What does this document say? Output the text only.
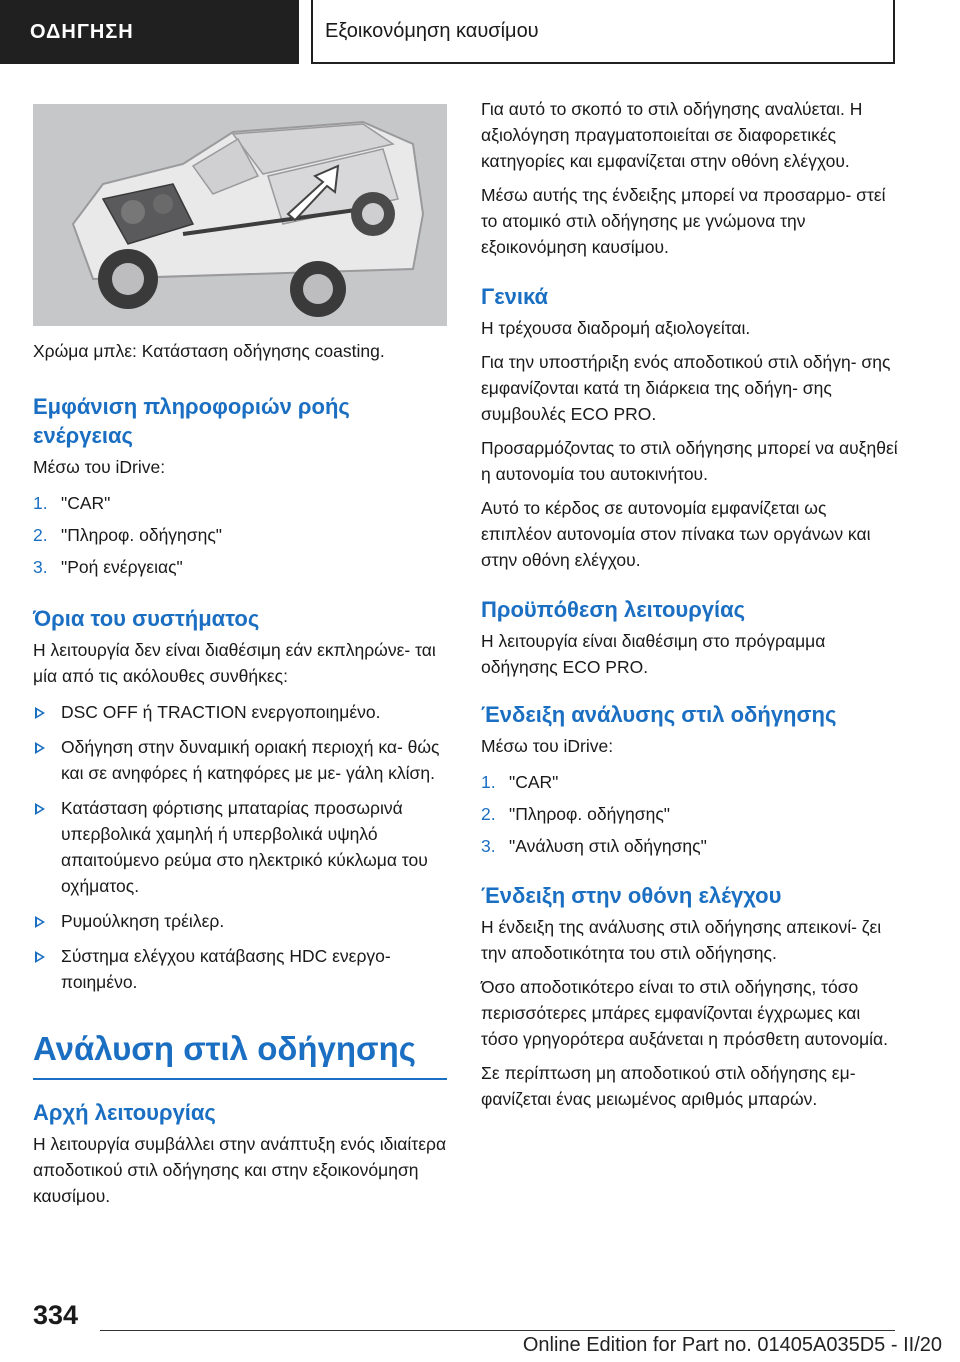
ΟΔΗΓΗΣΗ	Εξοικονόμηση καυσίμου

Χρώμα μπλε: Κατάσταση οδήγησης coasting.

Εμφάνιση πληροφοριών ροής ενέργειας

Μέσω του iDrive:

1. "CAR"
2. "Πληροφ. οδήγησης"
3. "Ροή ενέργειας"
Όρια του συστήματος

Η λειτουργία δεν είναι διαθέσιμη εάν εκπληρώνε‐ ται μία από τις ακόλουθες συνθήκες:

DSC OFF ή TRACTION ενεργοποιημένο.
Οδήγηση στην δυναμική οριακή περιοχή κα‐ θώς και σε ανηφόρες ή κατηφόρες με με‐ γάλη κλίση.
Κατάσταση φόρτισης μπαταρίας προσωρινά υπερβολικά χαμηλή ή υπερβολικά υψηλό απαιτούμενο ρεύμα στο ηλεκτρικό κύκλωμα του οχήματος.
Ρυμούλκηση τρέιλερ.
Σύστημα ελέγχου κατάβασης HDC ενεργο‐ ποιημένο.
Ανάλυση στιλ οδήγησης
Αρχή λειτουργίας

Η λειτουργία συμβάλλει στην ανάπτυξη ενός ιδιαίτερα αποδοτικού στιλ οδήγησης και στην εξοικονόμηση καυσίμου.

Για αυτό το σκοπό το στιλ οδήγησης αναλύεται. Η αξιολόγηση πραγματοποιείται σε διαφορετικές κατηγορίες και εμφανίζεται στην οθόνη ελέγχου.

Μέσω αυτής της ένδειξης μπορεί να προσαρμο‐ στεί το ατομικό στιλ οδήγησης με γνώμονα την εξοικονόμηση καυσίμου.

Γενικά

Η τρέχουσα διαδρομή αξιολογείται.

Για την υποστήριξη ενός αποδοτικού στιλ οδήγη‐ σης εμφανίζονται κατά τη διάρκεια της οδήγη‐ σης συμβουλές ECO PRO.

Προσαρμόζοντας το στιλ οδήγησης μπορεί να αυξηθεί η αυτονομία του αυτοκινήτου.

Αυτό το κέρδος σε αυτονομία εμφανίζεται ως επιπλέον αυτονομία στον πίνακα των οργάνων και στην οθόνη ελέγχου.

Προϋπόθεση λειτουργίας

Η λειτουργία είναι διαθέσιμη στο πρόγραμμα οδήγησης ECO PRO.

Ένδειξη ανάλυσης στιλ οδήγησης

Μέσω του iDrive:

1. "CAR"
2. "Πληροφ. οδήγησης"
3. "Ανάλυση στιλ οδήγησης"
Ένδειξη στην οθόνη ελέγχου

Η ένδειξη της ανάλυσης στιλ οδήγησης απεικονί‐ ζει την αποδοτικότητα του στιλ οδήγησης.

Όσο αποδοτικότερο είναι το στιλ οδήγησης, τόσο περισσότερες μπάρες εμφανίζονται έγχρωμες και τόσο γρηγορότερα αυξάνεται η πρόσθετη αυτονομία.

Σε περίπτωση μη αποδοτικού στιλ οδήγησης εμ‐ φανίζεται ένας μειωμένος αριθμός μπαρών.

334
Online Edition for Part no. 01405A035D5 - II/20
